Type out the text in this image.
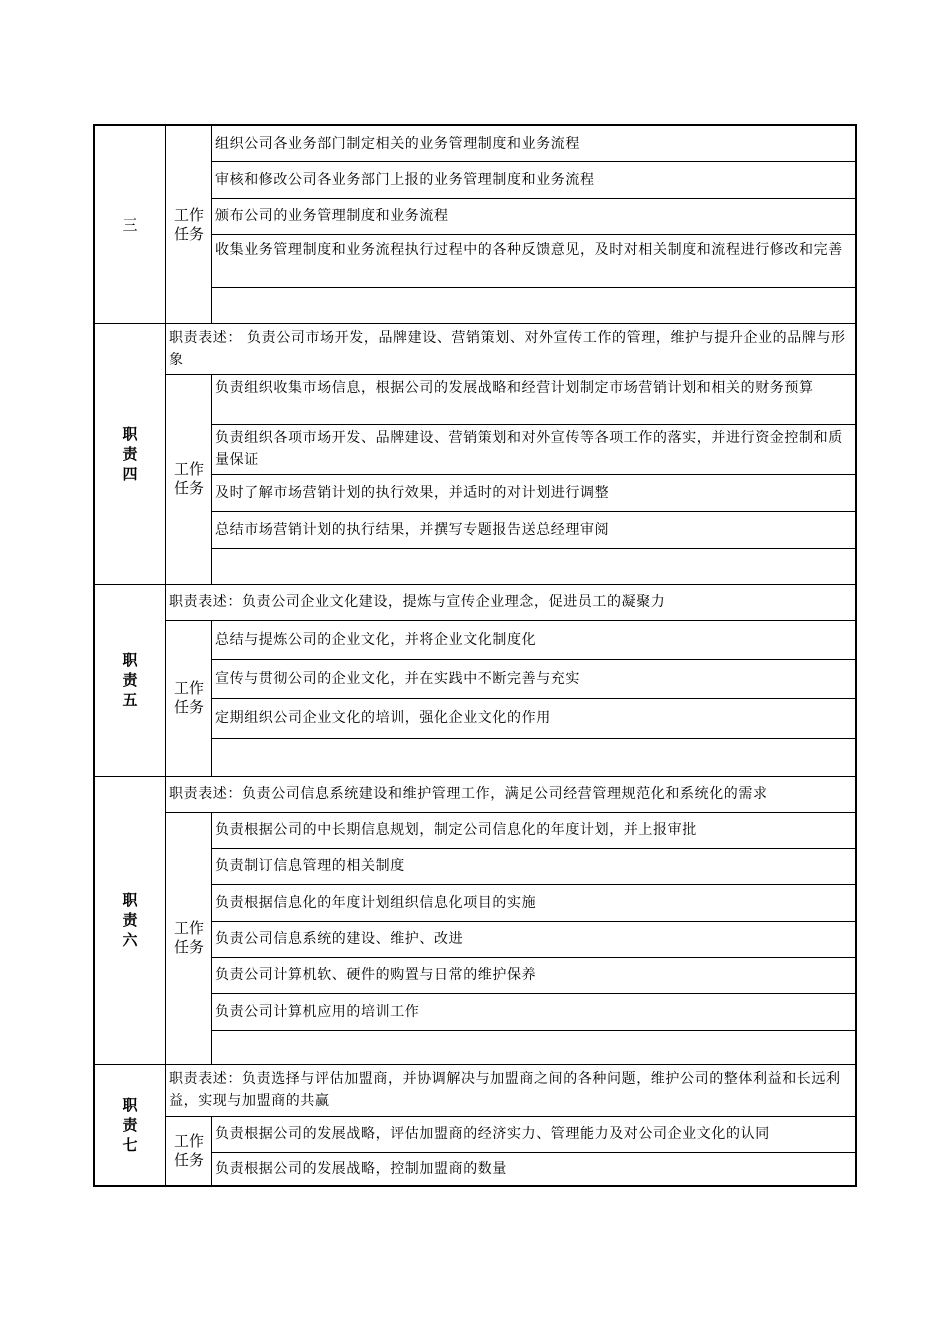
三
工作
任务
组织公司各业务部门制定相关的业务管理制度和业务流程
审核和修改公司各业务部门上报的业务管理制度和业务流程
颁布公司的业务管理制度和业务流程
收集业务管理制度和业务流程执行过程中的各种反馈意见，及时对相关制度和流程进行修改和完善
职
责
四
职责表述： 负责公司市场开发，品牌建设、营销策划、对外宣传工作的管理，维护与提升企业的品牌与形象
工作
任务
负责组织收集市场信息，根据公司的发展战略和经营计划制定市场营销计划和相关的财务预算
负责组织各项市场开发、品牌建设、营销策划和对外宣传等各项工作的落实，并进行资金控制和质量保证
及时了解市场营销计划的执行效果，并适时的对计划进行调整
总结市场营销计划的执行结果，并撰写专题报告送总经理审阅
职
责
五
职责表述：负责公司企业文化建设，提炼与宣传企业理念，促进员工的凝聚力
工作
任务
总结与提炼公司的企业文化，并将企业文化制度化
宣传与贯彻公司的企业文化，并在实践中不断完善与充实
定期组织公司企业文化的培训，强化企业文化的作用
职
责
六
职责表述：负责公司信息系统建设和维护管理工作，满足公司经营管理规范化和系统化的需求
工作
任务
负责根据公司的中长期信息规划，制定公司信息化的年度计划，并上报审批
负责制订信息管理的相关制度
负责根据信息化的年度计划组织信息化项目的实施
负责公司信息系统的建设、维护、改进
负责公司计算机软、硬件的购置与日常的维护保养
负责公司计算机应用的培训工作
职
责
七
职责表述：负责选择与评估加盟商，并协调解决与加盟商之间的各种问题，维护公司的整体利益和长远利益，实现与加盟商的共赢
工作
任务
负责根据公司的发展战略，评估加盟商的经济实力、管理能力及对公司企业文化的认同
负责根据公司的发展战略，控制加盟商的数量
